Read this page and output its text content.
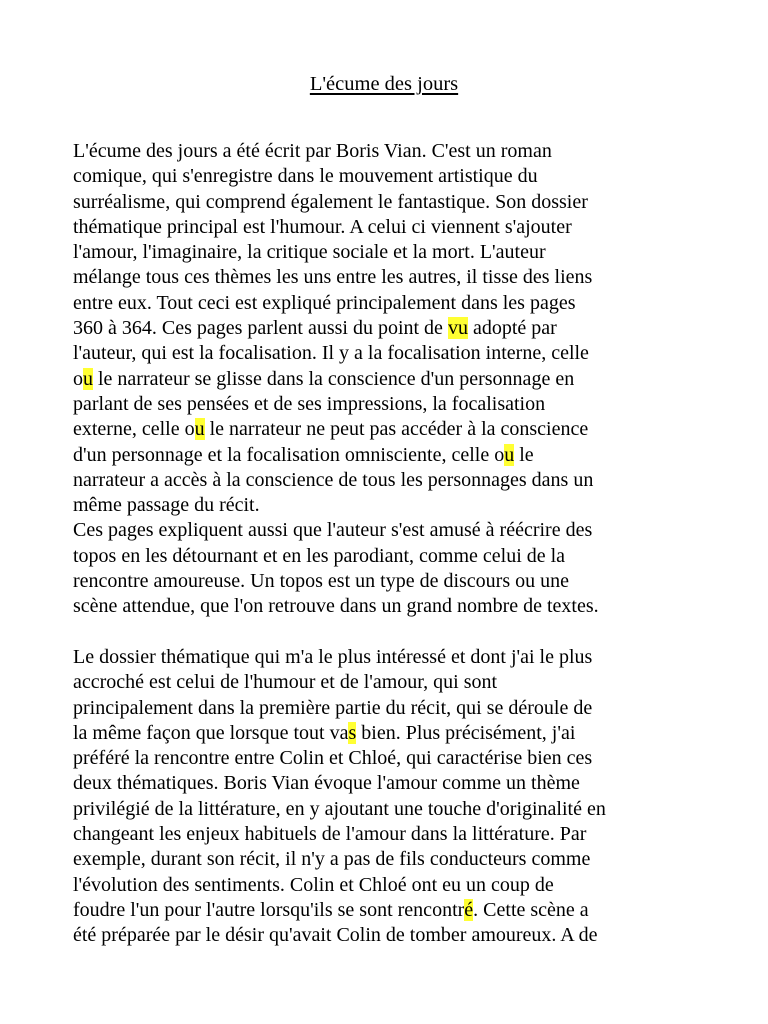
L'écume des jours
L'écume des jours a été écrit par Boris Vian. C'est un roman
comique, qui s'enregistre dans le mouvement artistique du
surréalisme, qui comprend également le fantastique. Son dossier
thématique principal est l'humour. A celui ci viennent s'ajouter
l'amour, l'imaginaire, la critique sociale et la mort. L'auteur
mélange tous ces thèmes les uns entre les autres, il tisse des liens
entre eux. Tout ceci est expliqué principalement dans les pages
360 à 364. Ces pages parlent aussi du point de vu adopté par
l'auteur, qui est la focalisation. Il y a la focalisation interne, celle
ou le narrateur se glisse dans la conscience d'un personnage en
parlant de ses pensées et de ses impressions, la focalisation
externe, celle ou le narrateur ne peut pas accéder à la conscience
d'un personnage et la focalisation omnisciente, celle ou le
narrateur a accès à la conscience de tous les personnages dans un
même passage du récit.
Ces pages expliquent aussi que l'auteur s'est amusé à réécrire des
topos en les détournant et en les parodiant, comme celui de la
rencontre amoureuse. Un topos est un type de discours ou une
scène attendue, que l'on retrouve dans un grand nombre de textes.
Le dossier thématique qui m'a le plus intéressé et dont j'ai le plus
accroché est celui de l'humour et de l'amour, qui sont
principalement dans la première partie du récit, qui se déroule de
la même façon que lorsque tout vas bien. Plus précisément, j'ai
préféré la rencontre entre Colin et Chloé, qui caractérise bien ces
deux thématiques. Boris Vian évoque l'amour comme un thème
privilégié de la littérature, en y ajoutant une touche d'originalité en
changeant les enjeux habituels de l'amour dans la littérature. Par
exemple, durant son récit, il n'y a pas de fils conducteurs comme
l'évolution des sentiments. Colin et Chloé ont eu un coup de
foudre l'un pour l'autre lorsqu'ils se sont rencontré. Cette scène a
été préparée par le désir qu'avait Colin de tomber amoureux. A de
